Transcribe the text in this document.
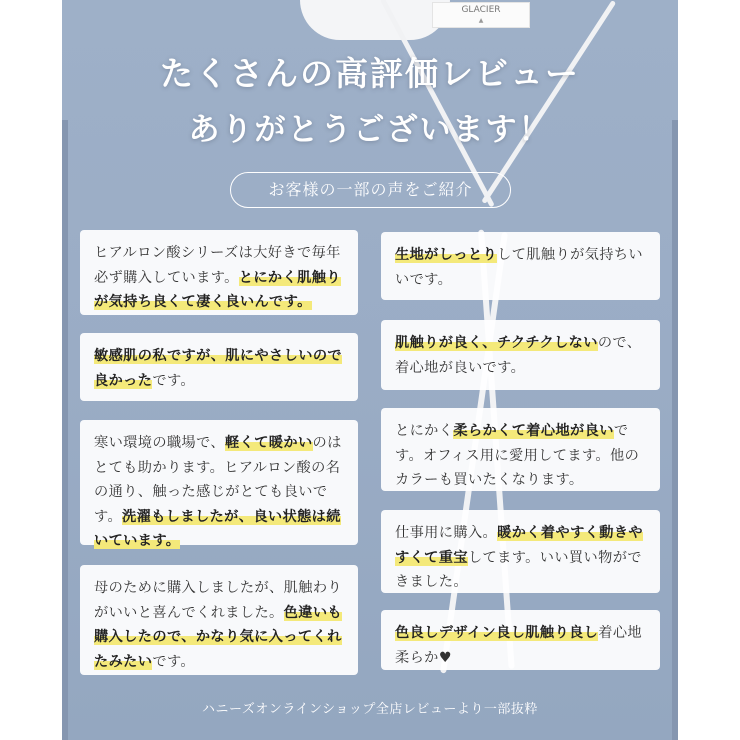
GLACIER
▲
たくさんの高評価レビュー
ありがとうございます！
お客様の一部の声をご紹介

ヒアルロン酸シリーズは大好きで毎年必ず購入しています。とにかく肌触りが気持ち良くて凄く良いんです。

敏感肌の私ですが、肌にやさしいので良かったです。

寒い環境の職場で、軽くて暖かいのはとても助かります。ヒアルロン酸の名の通り、触った感じがとても良いです。洗濯もしましたが、良い状態は続いています。

母のために購入しましたが、肌触わりがいいと喜んでくれました。色違いも購入したので、かなり気に入ってくれたみたいです。

生地がしっとりして肌触りが気持ちいいです。

肌触りが良く、チクチクしないので、着心地が良いです。

とにかく柔らかくて着心地が良いです。オフィス用に愛用してます。他のカラーも買いたくなります。

仕事用に購入。暖かく着やすく動きやすくて重宝してます。いい買い物ができました。

色良しデザイン良し肌触り良し着心地柔らか♥

ハニーズオンラインショップ全店レビューより一部抜粋
